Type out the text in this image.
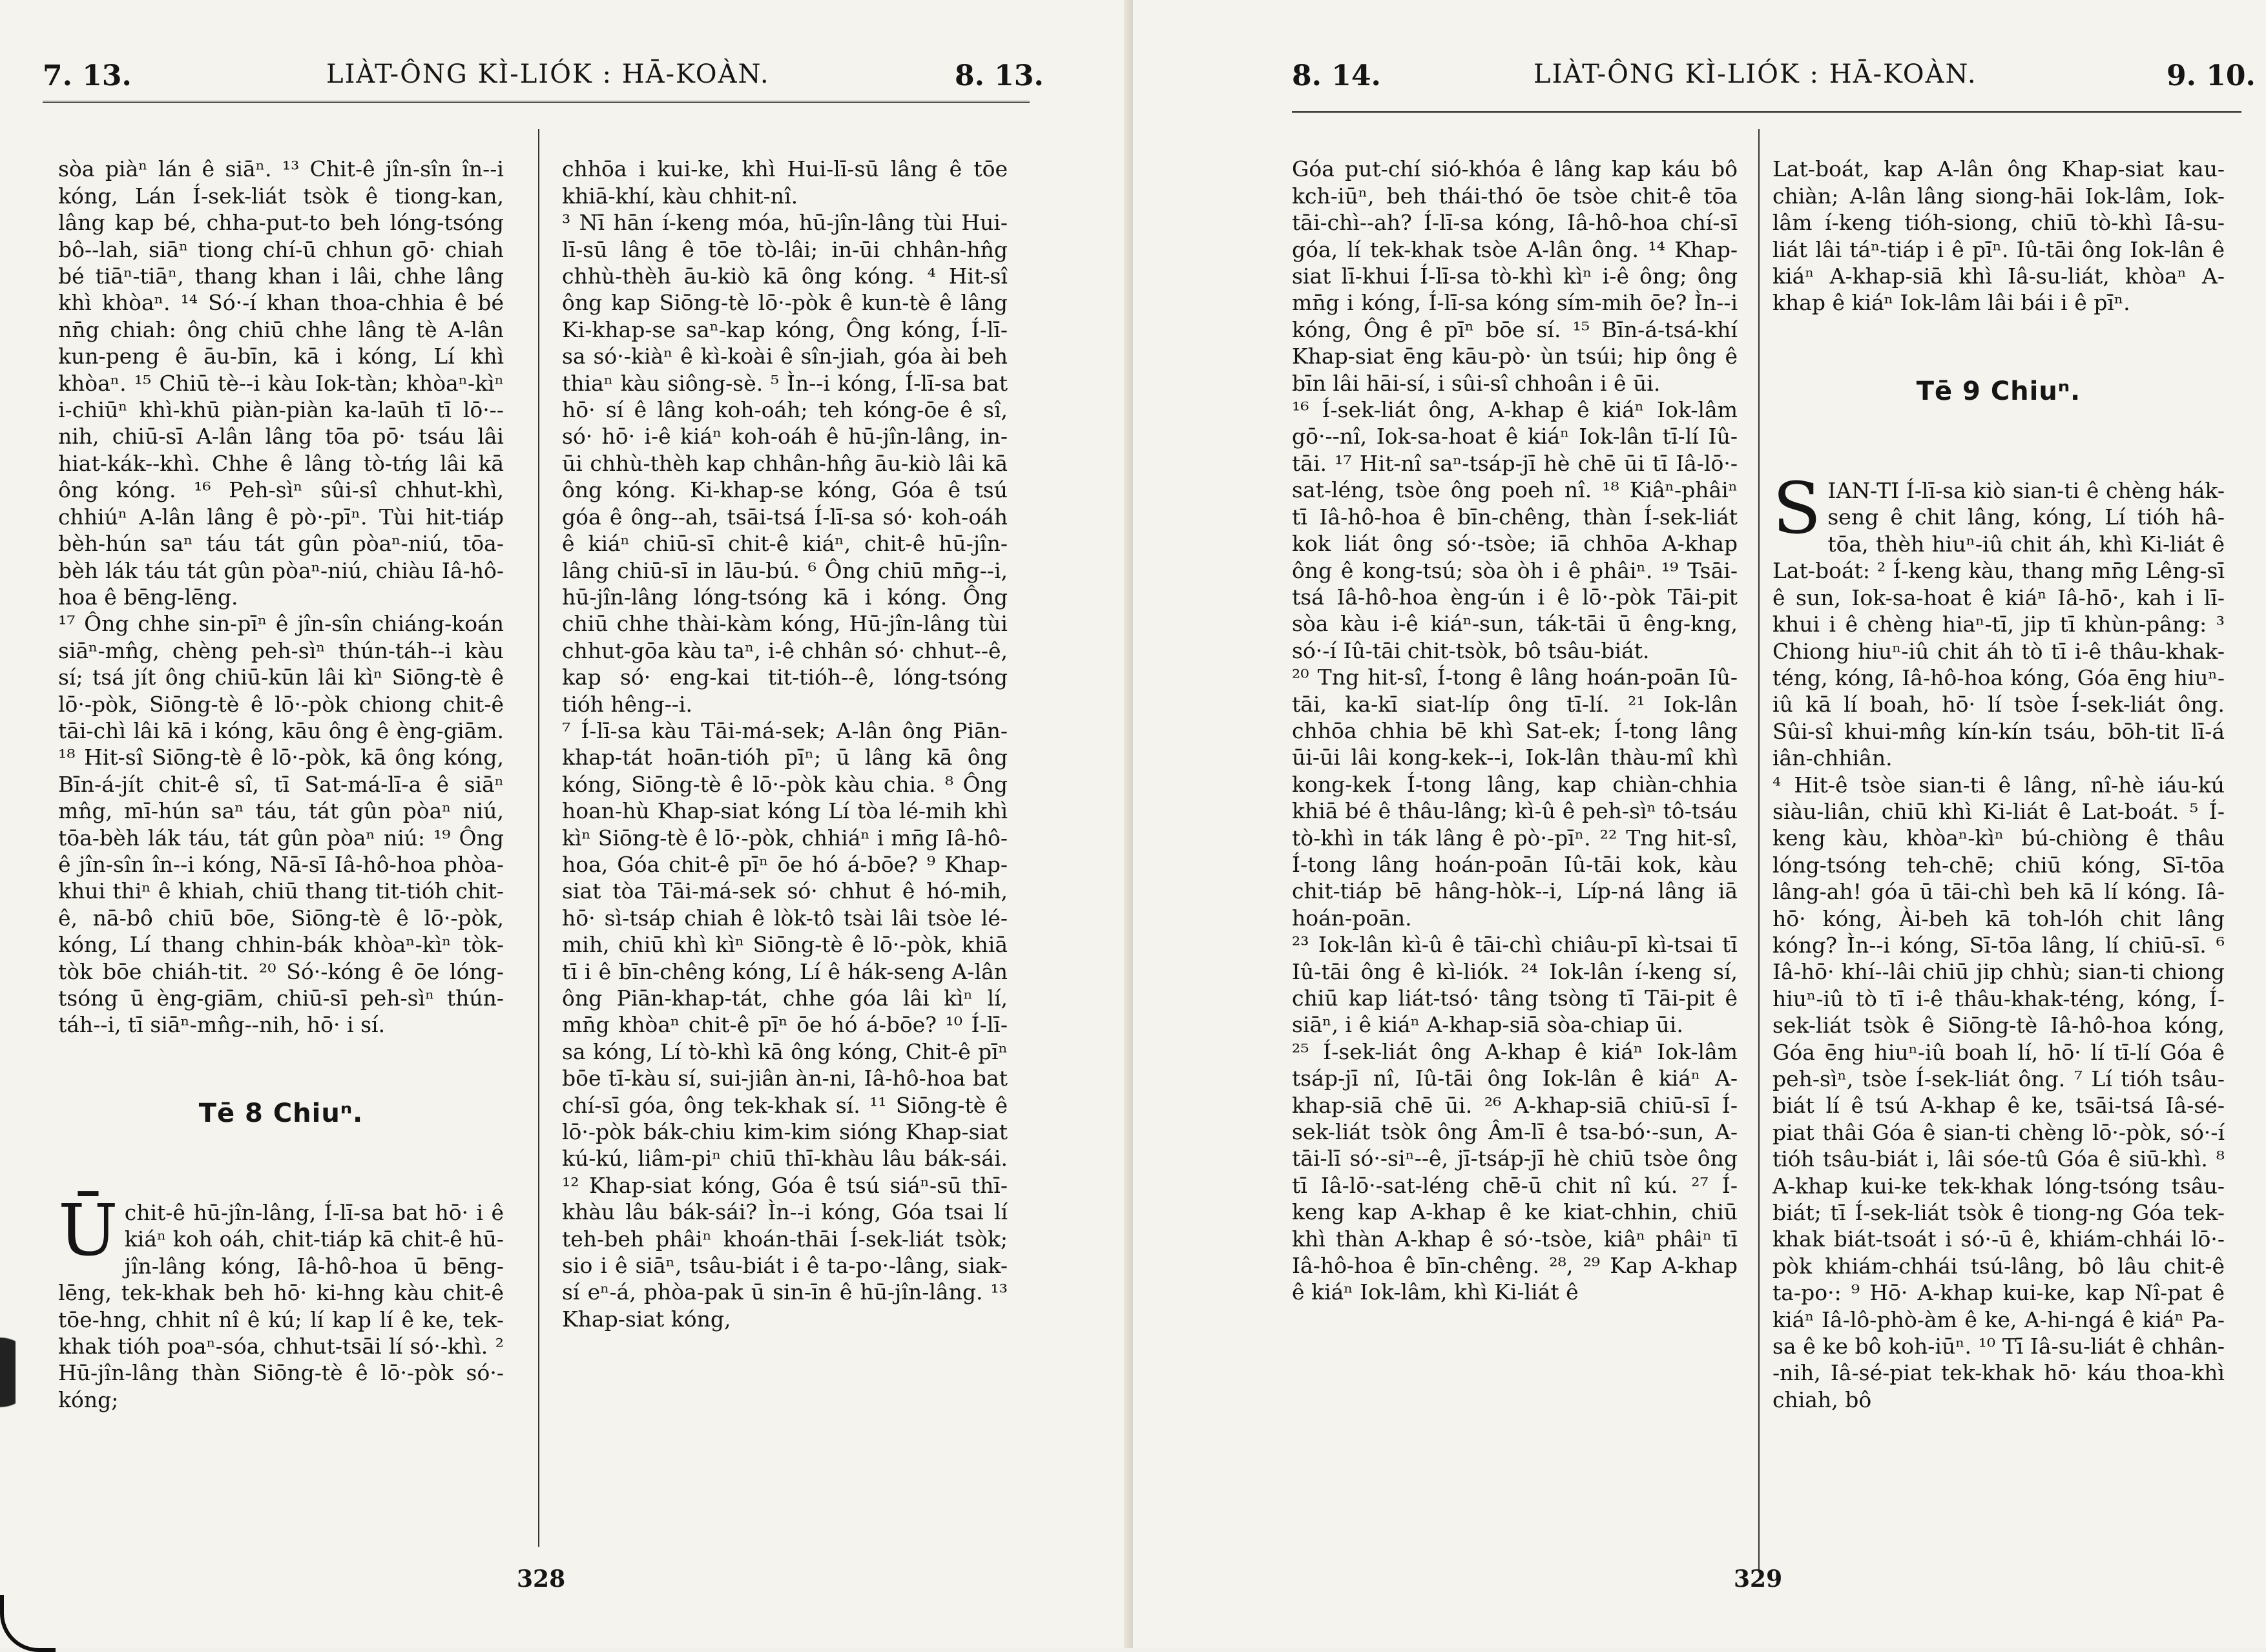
7. 13.	LIÀT-ÔNG KÌ-LIÓK : HĀ-KOÀN.	8. 13.

sòa piàⁿ lán ê siāⁿ. ¹³ Chit-ê jîn-sîn în--i kóng, Lán Í-sek-liát tsòk ê tiong-kan, lâng kap bé, chha-put-to beh lóng-tsóng bô--lah, siāⁿ tiong chí-ū chhun gō· chiah bé tiāⁿ-tiāⁿ, thang khan i lâi, chhe lâng khì khòaⁿ. ¹⁴ Só·-í khan thoa-chhia ê bé nn̄g chiah: ông chiū chhe lâng tè A-lân kun-peng ê āu-bīn, kā i kóng, Lí khì khòaⁿ. ¹⁵ Chiū tè--i kàu Iok-tàn; khòaⁿ-kìⁿ i-chiūⁿ khì-khū piàn-piàn ka-laūh tī lō·--nih, chiū-sī A-lân lâng tōa pō· tsáu lâi hiat-kák--khì. Chhe ê lâng tò-tńg lâi kā ông kóng. ¹⁶ Peh-sìⁿ sûi-sî chhut-khì, chhiúⁿ A-lân lâng ê pò·-pīⁿ. Tùi hit-tiáp bèh-hún saⁿ táu tát gûn pòaⁿ-niú, tōa-bèh lák táu tát gûn pòaⁿ-niú, chiàu Iâ-hô-hoa ê bēng-lēng.
¹⁷ Ông chhe sin-pīⁿ ê jîn-sîn chiáng-koán siāⁿ-mn̂g, chèng peh-sìⁿ thún-táh--i kàu sí; tsá jít ông chiū-kūn lâi kìⁿ Siōng-tè ê lō·-pòk, Siōng-tè ê lō·-pòk chiong chit-ê tāi-chì lâi kā i kóng, kāu ông ê èng-giām. ¹⁸ Hit-sî Siōng-tè ê lō·-pòk, kā ông kóng, Bīn-á-jít chit-ê sî, tī Sat-má-lī-a ê siāⁿ mn̂g, mī-hún saⁿ táu, tát gûn pòaⁿ niú, tōa-bèh lák táu, tát gûn pòaⁿ niú: ¹⁹ Ông ê jîn-sîn în--i kóng, Nā-sī Iâ-hô-hoa phòa-khui thiⁿ ê khiah, chiū thang tit-tióh chit-ê, nā-bô chiū bōe, Siōng-tè ê lō·-pòk, kóng, Lí thang chhin-bák khòaⁿ-kìⁿ tòk-tòk bōe chiáh-tit. ²⁰ Só·-kóng ê ōe lóng-tsóng ū èng-giām, chiū-sī peh-sìⁿ thún-táh--i, tī siāⁿ-mn̂g--nih, hō· i sí.

Tē 8 Chiuⁿ.

Ūchit-ê hū-jîn-lâng, Í-lī-sa bat hō· i ê kiáⁿ koh oáh, chit-tiáp kā chit-ê hū-jîn-lâng kóng, Iâ-hô-hoa ū bēng-lēng, tek-khak beh hō· ki-hng kàu chit-ê tōe-hng, chhit nî ê kú; lí kap lí ê ke, tek-khak tióh poaⁿ-sóa, chhut-tsāi lí só·-khì. ² Hū-jîn-lâng thàn Siōng-tè ê lō·-pòk só·-kóng;

chhōa i kui-ke, khì Hui-lī-sū lâng ê tōe khiā-khí, kàu chhit-nî.
³ Nī hān í-keng móa, hū-jîn-lâng tùi Hui-lī-sū lâng ê tōe tò-lâi; in-ūi chhân-hn̂g chhù-thèh āu-kiò kā ông kóng. ⁴ Hit-sî ông kap Siōng-tè lō·-pòk ê kun-tè ê lâng Ki-khap-se saⁿ-kap kóng, Ông kóng, Í-lī-sa só·-kiàⁿ ê kì-koài ê sîn-jiah, góa ài beh thiaⁿ kàu siông-sè. ⁵ Ìn--i kóng, Í-lī-sa bat hō· sí ê lâng koh-oáh; teh kóng-ōe ê sî, só· hō· i-ê kiáⁿ koh-oáh ê hū-jîn-lâng, in-ūi chhù-thèh kap chhân-hn̂g āu-kiò lâi kā ông kóng. Ki-khap-se kóng, Góa ê tsú góa ê ông--ah, tsāi-tsá Í-lī-sa só· koh-oáh ê kiáⁿ chiū-sī chit-ê kiáⁿ, chit-ê hū-jîn-lâng chiū-sī in lāu-bú. ⁶ Ông chiū mn̄g--i, hū-jîn-lâng lóng-tsóng kā i kóng. Ông chiū chhe thài-kàm kóng, Hū-jîn-lâng tùi chhut-gōa kàu taⁿ, i-ê chhân só· chhut--ê, kap só· eng-kai tit-tióh--ê, lóng-tsóng tióh hêng--i.
⁷ Í-lī-sa kàu Tāi-má-sek; A-lân ông Piān-khap-tát hoān-tióh pīⁿ; ū lâng kā ông kóng, Siōng-tè ê lō·-pòk kàu chia. ⁸ Ông hoan-hù Khap-siat kóng Lí tòa lé-mih khì kìⁿ Siōng-tè ê lō·-pòk, chhiáⁿ i mn̄g Iâ-hô-hoa, Góa chit-ê pīⁿ ōe hó á-bōe? ⁹ Khap-siat tòa Tāi-má-sek só· chhut ê hó-mih, hō· sì-tsáp chiah ê lòk-tô tsài lâi tsòe lé-mih, chiū khì kìⁿ Siōng-tè ê lō·-pòk, khiā tī i ê bīn-chêng kóng, Lí ê hák-seng A-lân ông Piān-khap-tát, chhe góa lâi kìⁿ lí, mn̄g khòaⁿ chit-ê pīⁿ ōe hó á-bōe? ¹⁰ Í-lī-sa kóng, Lí tò-khì kā ông kóng, Chit-ê pīⁿ bōe tī-kàu sí, sui-jiân àn-ni, Iâ-hô-hoa bat chí-sī góa, ông tek-khak sí. ¹¹ Siōng-tè ê lō·-pòk bák-chiu kim-kim sióng Khap-siat kú-kú, liâm-piⁿ chiū thī-khàu lâu bák-sái. ¹² Khap-siat kóng, Góa ê tsú siáⁿ-sū thī-khàu lâu bák-sái? Ìn--i kóng, Góa tsai lí teh-beh phâiⁿ khoán-thāi Í-sek-liát tsòk; sio i ê siāⁿ, tsâu-biát i ê ta-po·-lâng, siak-sí eⁿ-á, phòa-pak ū sin-īn ê hū-jîn-lâng. ¹³ Khap-siat kóng,

328
8. 14.	LIÀT-ÔNG KÌ-LIÓK : HĀ-KOÀN.	9. 10.

Góa put-chí sió-khóa ê lâng kap káu bô kch-iūⁿ, beh thái-thó ōe tsòe chit-ê tōa tāi-chì--ah? Í-lī-sa kóng, Iâ-hô-hoa chí-sī góa, lí tek-khak tsòe A-lân ông. ¹⁴ Khap-siat lī-khui Í-lī-sa tò-khì kìⁿ i-ê ông; ông mn̄g i kóng, Í-lī-sa kóng sím-mih ōe? Ìn--i kóng, Ông ê pīⁿ bōe sí. ¹⁵ Bīn-á-tsá-khí Khap-siat ēng kāu-pò· ùn tsúi; hip ông ê bīn lâi hāi-sí, i sûi-sî chhoân i ê ūi.
¹⁶ Í-sek-liát ông, A-khap ê kiáⁿ Iok-lâm gō·--nî, Iok-sa-hoat ê kiáⁿ Iok-lân tī-lí Iû-tāi. ¹⁷ Hit-nî saⁿ-tsáp-jī hè chē ūi tī Iâ-lō·-sat-léng, tsòe ông poeh nî. ¹⁸ Kiâⁿ-phâiⁿ tī Iâ-hô-hoa ê bīn-chêng, thàn Í-sek-liát kok liát ông só·-tsòe; iā chhōa A-khap ông ê kong-tsú; sòa òh i ê phâiⁿ. ¹⁹ Tsāi-tsá Iâ-hô-hoa èng-ún i ê lō·-pòk Tāi-pit sòa kàu i-ê kiáⁿ-sun, ták-tāi ū êng-kng, só·-í Iû-tāi chit-tsòk, bô tsâu-biát.
²⁰ Tng hit-sî, Í-tong ê lâng hoán-poān Iû-tāi, ka-kī siat-líp ông tī-lí. ²¹ Iok-lân chhōa chhia bē khì Sat-ek; Í-tong lâng ūi-ūi lâi kong-kek--i, Iok-lân thàu-mî khì kong-kek Í-tong lâng, kap chiàn-chhia khiā bé ê thâu-lâng; kì-û ê peh-sìⁿ tô-tsáu tò-khì in ták lâng ê pò·-pīⁿ. ²² Tng hit-sî, Í-tong lâng hoán-poān Iû-tāi kok, kàu chit-tiáp bē hâng-hòk--i, Líp-ná lâng iā hoán-poān.
²³ Iok-lân kì-û ê tāi-chì chiâu-pī kì-tsai tī Iû-tāi ông ê kì-liók. ²⁴ Iok-lân í-keng sí, chiū kap liát-tsó· tâng tsòng tī Tāi-pit ê siāⁿ, i ê kiáⁿ A-khap-siā sòa-chiap ūi.
²⁵ Í-sek-liát ông A-khap ê kiáⁿ Iok-lâm tsáp-jī nî, Iû-tāi ông Iok-lân ê kiáⁿ A-khap-siā chē ūi. ²⁶ A-khap-siā chiū-sī Í-sek-liát tsòk ông Âm-lī ê tsa-bó·-sun, A-tāi-lī só·-siⁿ--ê, jī-tsáp-jī hè chiū tsòe ông tī Iâ-lō·-sat-léng chē-ū chit nî kú. ²⁷ Í-keng kap A-khap ê ke kiat-chhin, chiū khì thàn A-khap ê só·-tsòe, kiâⁿ phâiⁿ tī Iâ-hô-hoa ê bīn-chêng. ²⁸, ²⁹ Kap A-khap ê kiáⁿ Iok-lâm, khì Ki-liát ê

Lat-boát, kap A-lân ông Khap-siat kau-chiàn; A-lân lâng siong-hāi Iok-lâm, Iok-lâm í-keng tióh-siong, chiū tò-khì Iâ-su-liát lâi táⁿ-tiáp i ê pīⁿ. Iû-tāi ông Iok-lân ê kiáⁿ A-khap-siā khì Iâ-su-liát, khòaⁿ A-khap ê kiáⁿ Iok-lâm lâi bái i ê pīⁿ.

Tē 9 Chiuⁿ.

SIAN-TI Í-lī-sa kiò sian-ti ê chèng hák-seng ê chit lâng, kóng, Lí tióh hâ-tōa, thèh hiuⁿ-iû chit áh, khì Ki-liát ê Lat-boát: ² Í-keng kàu, thang mn̄g Lêng-sī ê sun, Iok-sa-hoat ê kiáⁿ Iâ-hō·, kah i lī-khui i ê chèng hiaⁿ-tī, jip tī khùn-pâng: ³ Chiong hiuⁿ-iû chit áh tò tī i-ê thâu-khak-téng, kóng, Iâ-hô-hoa kóng, Góa ēng hiuⁿ-iû kā lí boah, hō· lí tsòe Í-sek-liát ông. Sûi-sî khui-mn̂g kín-kín tsáu, bōh-tit lī-á iân-chhiân.
⁴ Hit-ê tsòe sian-ti ê lâng, nî-hè iáu-kú siàu-liân, chiū khì Ki-liát ê Lat-boát. ⁵ Í-keng kàu, khòaⁿ-kìⁿ bú-chiòng ê thâu lóng-tsóng teh-chē; chiū kóng, Sī-tōa lâng-ah! góa ū tāi-chì beh kā lí kóng. Iâ-hō· kóng, Ài-beh kā toh-lóh chit lâng kóng? Ìn--i kóng, Sī-tōa lâng, lí chiū-sī. ⁶ Iâ-hō· khí--lâi chiū jip chhù; sian-ti chiong hiuⁿ-iû tò tī i-ê thâu-khak-téng, kóng, Í-sek-liát tsòk ê Siōng-tè Iâ-hô-hoa kóng, Góa ēng hiuⁿ-iû boah lí, hō· lí tī-lí Góa ê peh-sìⁿ, tsòe Í-sek-liát ông. ⁷ Lí tióh tsâu-biát lí ê tsú A-khap ê ke, tsāi-tsá Iâ-sé-piat thâi Góa ê sian-ti chèng lō·-pòk, só·-í tióh tsâu-biát i, lâi sóe-tû Góa ê siū-khì. ⁸ A-khap kui-ke tek-khak lóng-tsóng tsâu-biát; tī Í-sek-liát tsòk ê tiong-ng Góa tek-khak biát-tsoát i só·-ū ê, khiám-chhái lō·-pòk khiám-chhái tsú-lâng, bô lâu chit-ê ta-po·: ⁹ Hō· A-khap kui-ke, kap Nî-pat ê kiáⁿ Iâ-lô-phò-àm ê ke, A-hi-ngá ê kiáⁿ Pa-sa ê ke bô koh-iūⁿ. ¹⁰ Tī Iâ-su-liát ê chhân--nih, Iâ-sé-piat tek-khak hō· káu thoa-khì chiah, bô

329
